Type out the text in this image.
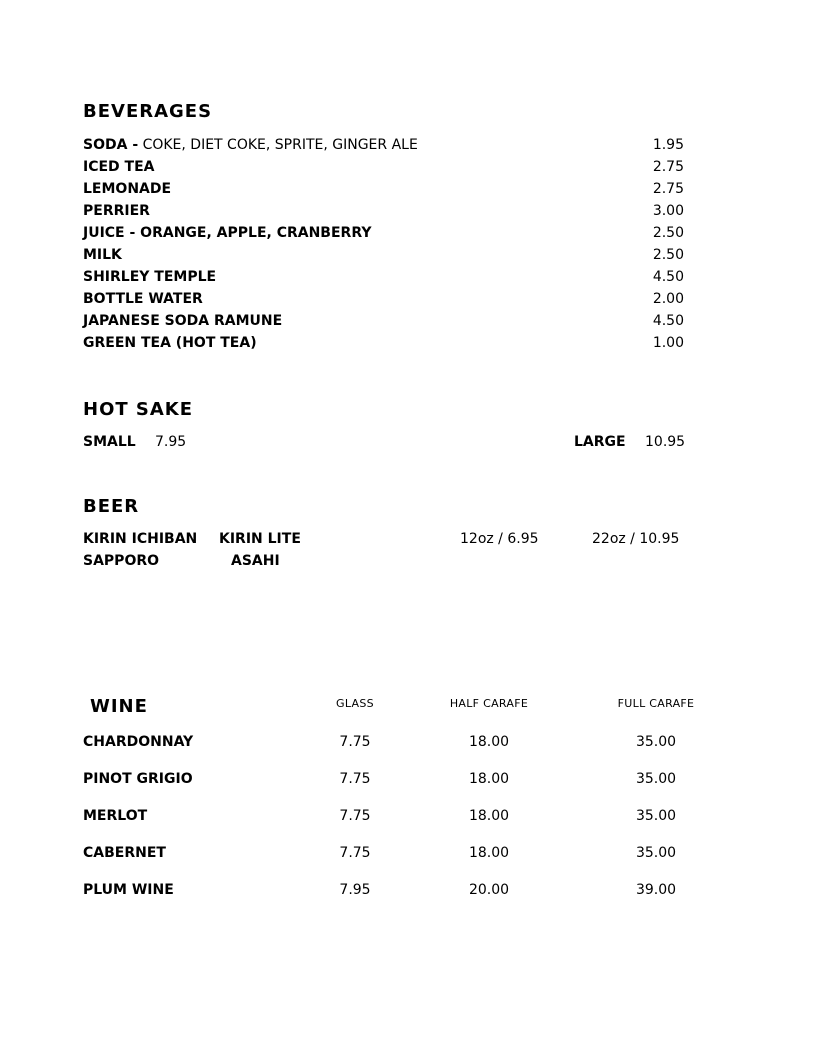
BEVERAGES
SODA - COKE, DIET COKE, SPRITE, GINGER ALE	1.95
ICED TEA	2.75
LEMONADE	2.75
PERRIER	3.00
JUICE - ORANGE, APPLE, CRANBERRY	2.50
MILK	2.50
SHIRLEY TEMPLE	4.50
BOTTLE WATER	2.00
JAPANESE SODA RAMUNE	4.50
GREEN TEA (HOT TEA)	1.00
HOT SAKE
SMALL 7.95	LARGE 10.95
BEER
KIRIN ICHIBAN KIRIN LITE
SAPPORO	ASAHI
12oz / 6.95	22oz / 10.95
WINE	GLASS	HALF CARAFE	FULL CARAFE
CHARDONNAY	7.75	18.00	35.00
PINOT GRIGIO	7.75	18.00	35.00
MERLOT	7.75	18.00	35.00
CABERNET	7.75	18.00	35.00
PLUM WINE	7.95	20.00	39.00
